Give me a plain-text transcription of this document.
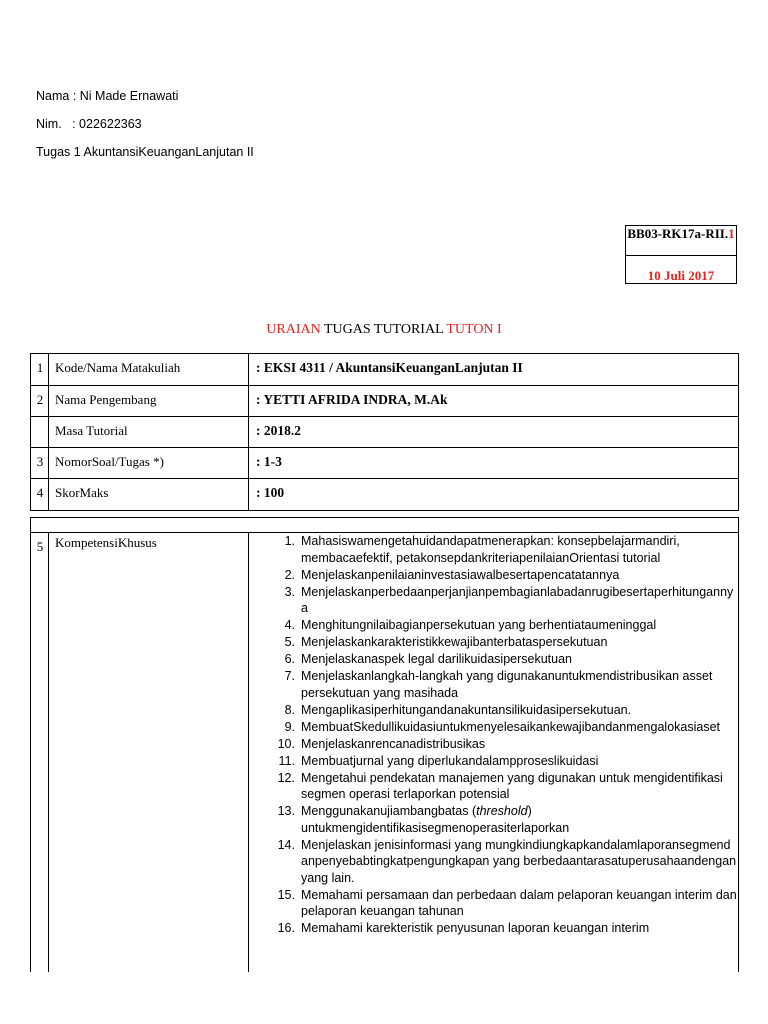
Nama : Ni Made Ernawati
Nim.   : 022622363
Tugas 1 AkuntansiKeuanganLanjutan II
BB03-RK17a-RII.1
10 Juli 2017
URAIAN TUGAS TUTORIAL TUTON I
1 Kode/Nama Matakuliah	: EKSI 4311 / AkuntansiKeuanganLanjutan II
2 Nama Pengembang	: YETTI AFRIDA INDRA, M.Ak
Masa Tutorial	: 2018.2
3 NomorSoal/Tugas *)	: 1-3
4 SkorMaks	: 100
5 KompetensiKhusus	1. Mahasiswamengetahuidandapatmenerapkan: konsepbelajarmandiri, membacaefektif, petakonsepdankriteriapenilaianOrientasi tutorial
2. Menjelaskanpenilaianinvestasiawalbesertapencatatannya
3. Menjelaskanperbedaanperjanjianpembagianlabadanrugibesertaperhitungannya
4. Menghitungnilaibagianpersekutuan yang berhentiataumeninggal
5. Menjelaskankarakteristikkewajibanterbataspersekutuan
6. Menjelaskanaspek legal darilikuidasipersekutuan
7. Menjelaskanlangkah-langkah yang digunakanuntukmendistribusikan asset persekutuan yang masihada
8. Mengaplikasiperhitungandanakuntansilikuidasipersekutuan.
9. MembuatSkedullikuidasiuntukmenyelesaikankewajibandanmengalokasiaset
10. Menjelaskanrencanadistribusikas
11. Membuatjurnal yang diperlukandalampproseslikuidasi
12. Mengetahui pendekatan manajemen yang digunakan untuk mengidentifikasi segmen operasi terlaporkan potensial
13. Menggunakanujiambangbatas (threshold) untukmengidentifikasisegmenoperasiterlaporkan
14. Menjelaskan jenisinformasi yang mungkindiungkapkandalamlaporansegmendanpenyebabtingkatpengungkapan yang berbedaantarasatuperusahaandengan yang lain.
15. Memahami persamaan dan perbedaan dalam pelaporan keuangan interim dan pelaporan keuangan tahunan
16. Memahami karekteristik penyusunan laporan keuangan interim
